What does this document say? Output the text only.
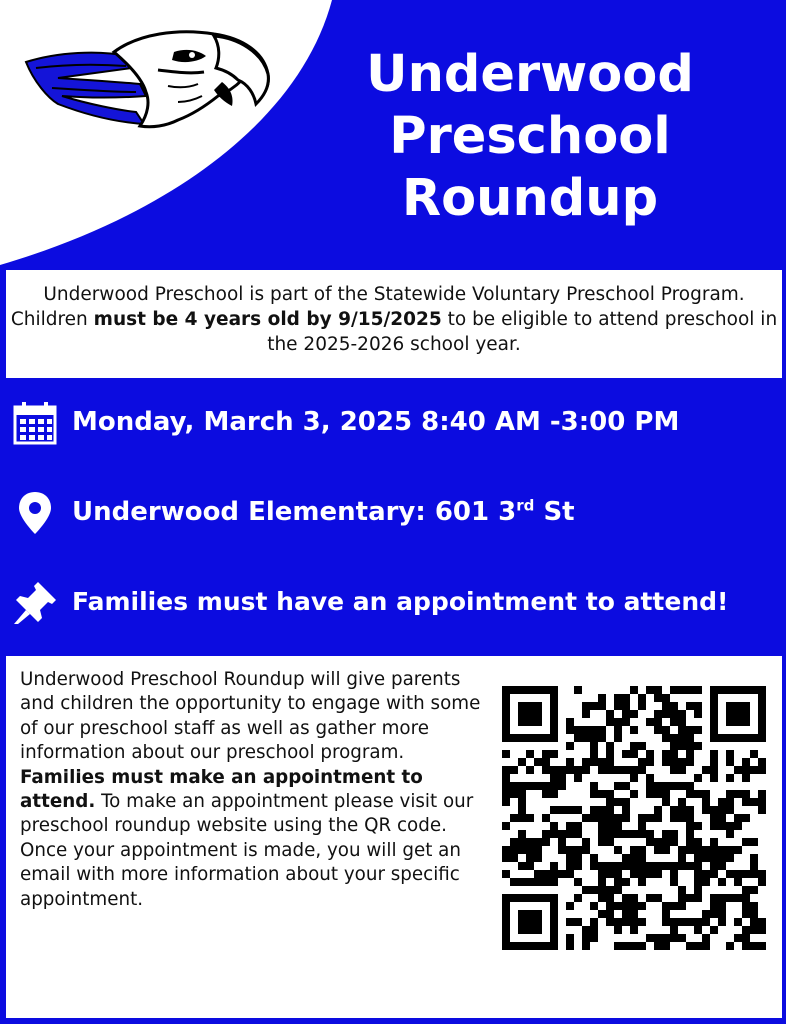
Underwood
Preschool
Roundup
Underwood Preschool is part of the Statewide Voluntary Preschool Program. Children must be 4 years old by 9/15/2025 to be eligible to attend preschool in the 2025-2026 school year.
Monday, March 3, 2025 8:40 AM -3:00 PM
Underwood Elementary: 601 3rd St
Families must have an appointment to attend!
Underwood Preschool Roundup will give parents and children the opportunity to engage with some of our preschool staff as well as gather more information about our preschool program. Families must make an appointment to attend. To make an appointment please visit our preschool roundup website using the QR code. Once your appointment is made, you will get an email with more information about your specific appointment.
